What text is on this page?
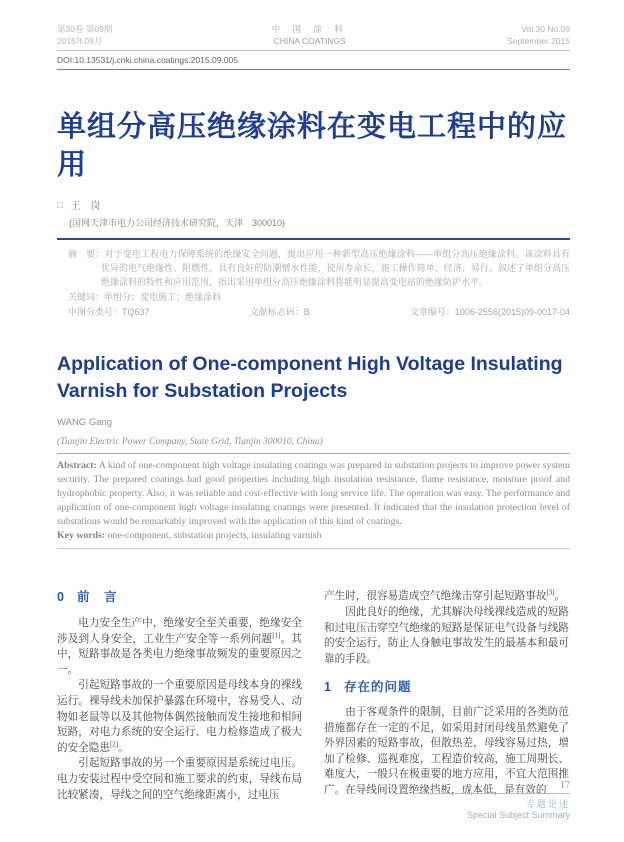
第30卷 第09期
2015年09月
中 国 涂 料
CHINA COATINGS
Vol.30 No.09
September 2015
DOI:10.13531/j.cnki.china.coatings.2015.09.005
单组分高压绝缘涂料在变电工程中的应用
□ 王　岗
(国网天津市电力公司经济技术研究院，天津　300010)
摘　要：对于变电工程电力保障系统的绝缘安全问题，提出应用一种新型高压绝缘涂料——单组分高压绝缘涂料。该涂料具有优异的电气绝缘性、阻燃性，具有良好的防潮憎水性能，使用寿命长，施工操作简单、经济、易行。叙述了单组分高压绝缘涂料的特性和应用范围，指出采用单组分高压绝缘涂料将能明显提高变电站的绝缘防护水平。
关键词：单组分；变电施工；绝缘涂料
中图分类号：TQ637	文献标志码：B	文章编号：1006-2556(2015)09-0017-04
Application of One-component High Voltage Insulating Varnish for Substation Projects
WANG Gang
(Tianjin Electric Power Company, State Grid, Tianjin 300010, China)
Abstract: A kind of one-component high voltage insulating coatings was prepared in substation projects to improve power system security. The prepared coatings had good properties including high insulation resistance, flame resistance, moisture proof and hydrophobic property. Also, it was reliable and cost-effective with long service life. The operation was easy. The performance and application of one-component high voltage insulating coatings were presented. It indicated that the insulation protection level of substations would be remarkably improved with the application of this kind of coatings.
Key words: one-component, substation projects, insulating varnish
0 前　言

电力安全生产中，绝缘安全至关重要，绝缘安全涉及到人身安全，工业生产安全等一系列问题[1]。其中，短路事故是各类电力绝缘事故频发的重要原因之一。

引起短路事故的一个重要原因是母线本身的裸线运行。裸导线未加保护暴露在环境中，容易受人、动物如老鼠等以及其他物体偶然接触而发生接地和相间短路，对电力系统的安全运行、电力检修造成了极大的安全隐患[2]。

引起短路事故的另一个重要原因是系统过电压。电力安装过程中受空间和施工要求的约束，导线布局比较紧凑，导线之间的空气绝缘距离小，过电压

产生时，很容易造成空气绝缘击穿引起短路事故[3]。

因此良好的绝缘，尤其解决母线裸线造成的短路和过电压击穿空气绝缘的短路是保证电气设备与线路的安全运行，防止人身触电事故发生的最基本和最可靠的手段。

1 存在的问题

由于客观条件的限制，目前广泛采用的各类防范措施都存在一定的不足，如采用封闭母线虽然避免了外界因素的短路事故，但散热差，母线容易过热，增加了检修、巡视难度，工程造价较高，施工周期长、难度大，一般只在极重要的地方应用，不宜大范围推广。在导线间设置绝缘挡板，成本低，是有效的	17
专题论述
Special Subject Summary
